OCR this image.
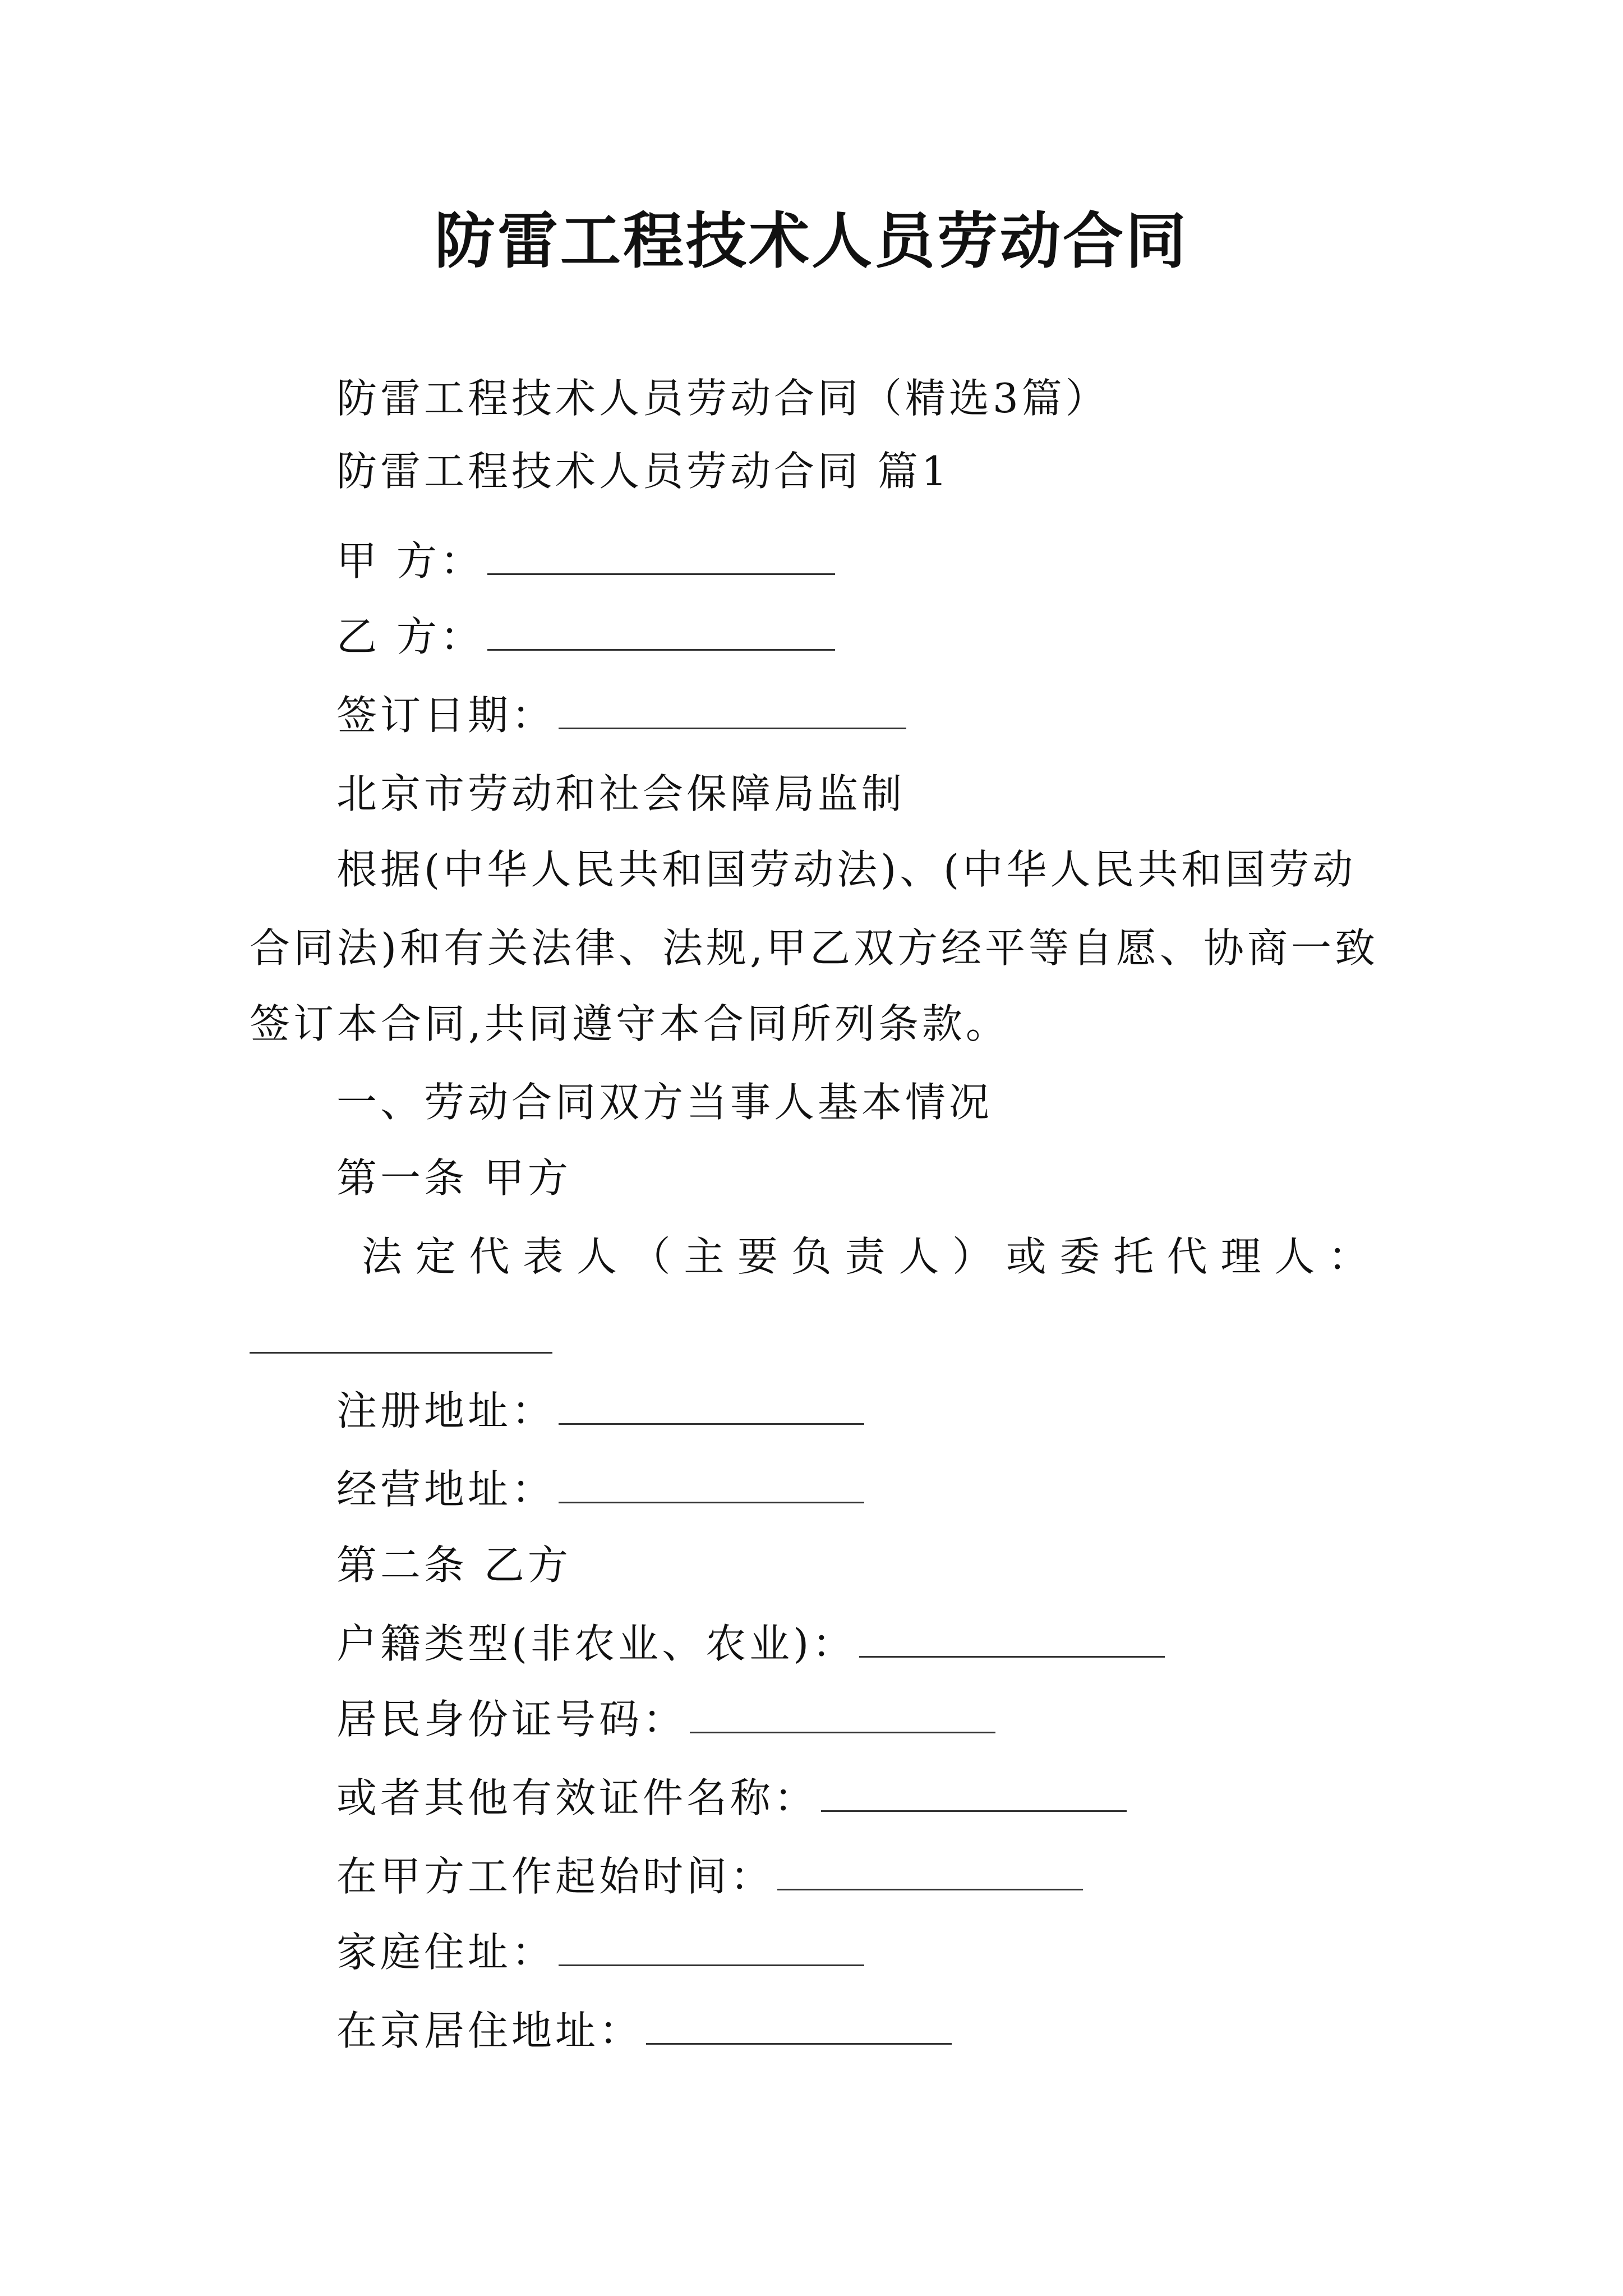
防雷工程技术人员劳动合同
防雷工程技术人员劳动合同（精选3篇）
防雷工程技术人员劳动合同 篇1
甲 方：
乙 方：
签订日期：
北京市劳动和社会保障局监制
根据(中华人民共和国劳动法)、(中华人民共和国劳动
合同法)和有关法律、法规,甲乙双方经平等自愿、协商一致
签订本合同,共同遵守本合同所列条款。
一、劳动合同双方当事人基本情况
第一条 甲方
法 定 代 表 人 （ 主 要 负 责 人 ） 或 委 托 代 理 人 ：
注册地址：
经营地址：
第二条 乙方
户籍类型(非农业、农业)：
居民身份证号码：
或者其他有效证件名称：
在甲方工作起始时间：
家庭住址：
在京居住地址：
